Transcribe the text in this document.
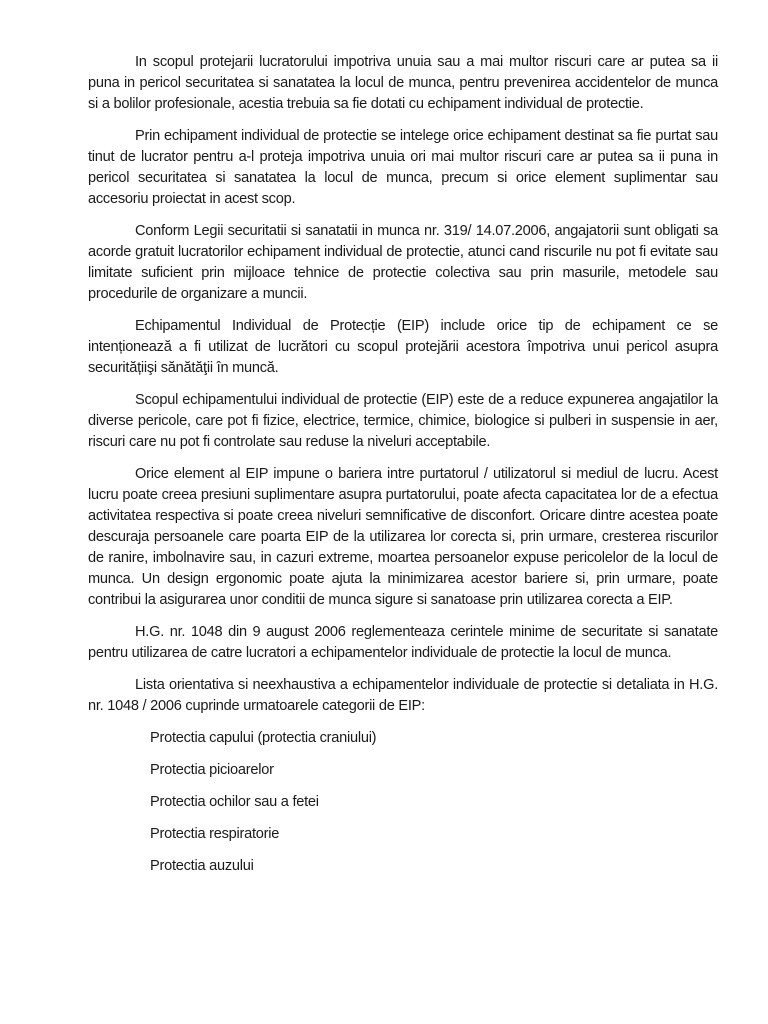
In scopul protejarii lucratorului impotriva unuia sau a mai multor riscuri care ar putea sa ii puna in pericol securitatea si sanatatea la locul de munca, pentru prevenirea accidentelor de munca si a bolilor profesionale, acestia trebuia sa fie dotati cu echipament individual de protectie.

Prin echipament individual de protectie se intelege orice echipament destinat sa fie purtat sau tinut de lucrator pentru a-l proteja impotriva unuia ori mai multor riscuri care ar putea sa ii puna in pericol securitatea si sanatatea la locul de munca, precum si orice element suplimentar sau accesoriu proiectat in acest scop.

Conform Legii securitatii si sanatatii in munca nr. 319/ 14.07.2006, angajatorii sunt obligati sa acorde gratuit lucratorilor echipament individual de protectie, atunci cand riscurile nu pot fi evitate sau limitate suficient prin mijloace tehnice de protectie colectiva sau prin masurile, metodele sau procedurile de organizare a muncii.

Echipamentul Individual de Protecție (EIP) include orice tip de echipament ce se intenționează a fi utilizat de lucrători cu scopul protejării acestora împotriva unui pericol asupra securitățiişi sănătăţii în muncă.

Scopul echipamentului individual de protectie (EIP) este de a reduce expunerea angajatilor la diverse pericole, care pot fi fizice, electrice, termice, chimice, biologice si pulberi in suspensie in aer, riscuri care nu pot fi controlate sau reduse la niveluri acceptabile.

Orice element al EIP impune o bariera intre purtatorul / utilizatorul si mediul de lucru. Acest lucru poate creea presiuni suplimentare asupra purtatorului, poate afecta capacitatea lor de a efectua activitatea respectiva si poate creea niveluri semnificative de disconfort. Oricare dintre acestea poate descuraja persoanele care poarta EIP de la utilizarea lor corecta si, prin urmare, cresterea riscurilor de ranire, imbolnavire sau, in cazuri extreme, moartea persoanelor expuse pericolelor de la locul de munca. Un design ergonomic poate ajuta la minimizarea acestor bariere si, prin urmare, poate contribui la asigurarea unor conditii de munca sigure si sanatoase prin utilizarea corecta a EIP.

H.G. nr. 1048 din 9 august 2006 reglementeaza cerintele minime de securitate si sanatate pentru utilizarea de catre lucratori a echipamentelor individuale de protectie la locul de munca.

Lista orientativa si neexhaustiva a echipamentelor individuale de protectie si detaliata in H.G. nr. 1048 / 2006 cuprinde urmatoarele categorii de EIP:

Protectia capului (protectia craniului)
Protectia picioarelor
Protectia ochilor sau a fetei
Protectia respiratorie
Protectia auzului
